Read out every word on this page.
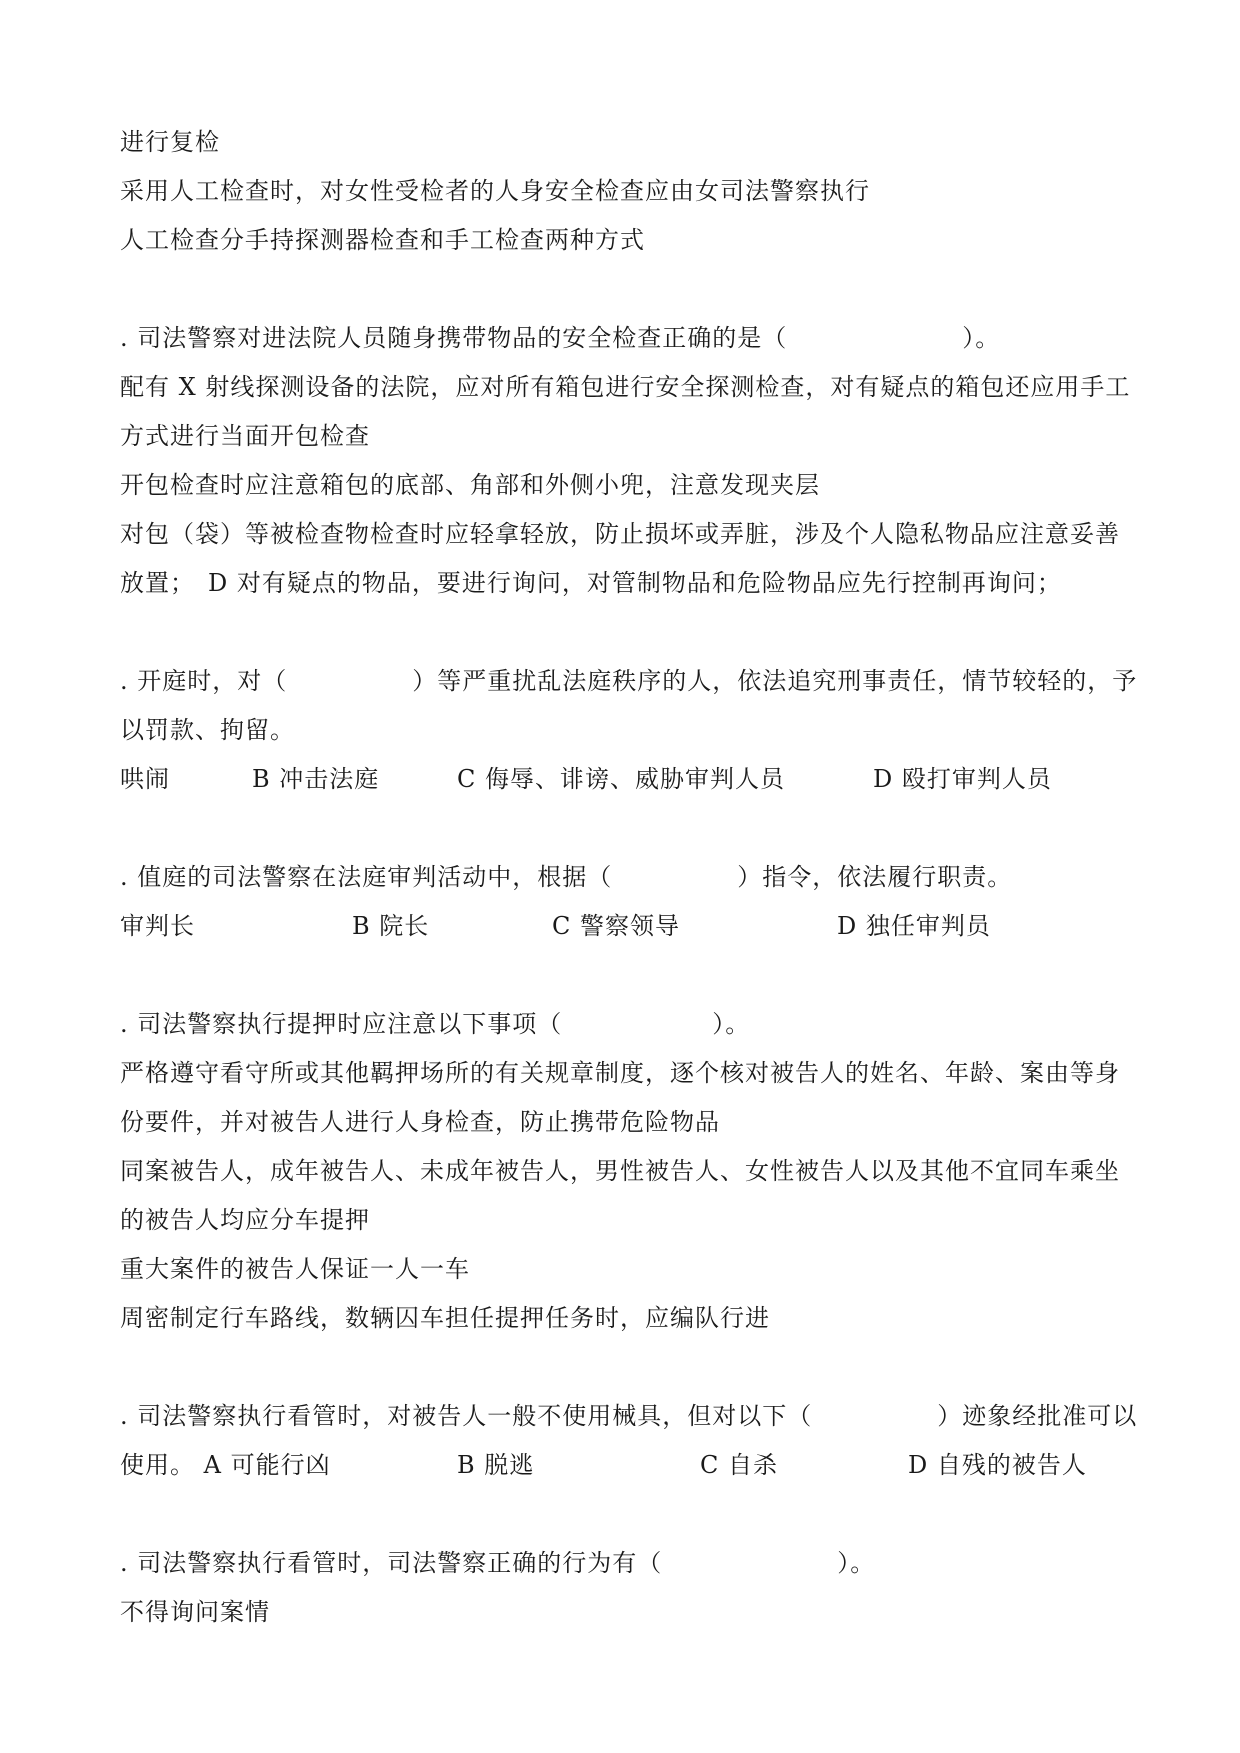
进行复检
采用人工检查时，对女性受检者的人身安全检查应由女司法警察执行
人工检查分手持探测器检查和手工检查两种方式
. 司法警察对进法院人员随身携带物品的安全检查正确的是（　　　　　　　）。
配有 X 射线探测设备的法院，应对所有箱包进行安全探测检查，对有疑点的箱包还应用手工
方式进行当面开包检查
开包检查时应注意箱包的底部、角部和外侧小兜，注意发现夹层
对包（袋）等被检查物检查时应轻拿轻放，防止损坏或弄脏，涉及个人隐私物品应注意妥善
放置；　D 对有疑点的物品，要进行询问，对管制物品和危险物品应先行控制再询问；
. 开庭时，对（　　　　　）等严重扰乱法庭秩序的人，依法追究刑事责任，情节较轻的，予
以罚款、拘留。
哄闹	B 冲击法庭	C 侮辱、诽谤、威胁审判人员	D 殴打审判人员
. 值庭的司法警察在法庭审判活动中，根据（　　　　　）指令，依法履行职责。
审判长	B 院长	C 警察领导	D 独任审判员
. 司法警察执行提押时应注意以下事项（　　　　　　）。
严格遵守看守所或其他羁押场所的有关规章制度，逐个核对被告人的姓名、年龄、案由等身
份要件，并对被告人进行人身检查，防止携带危险物品
同案被告人，成年被告人、未成年被告人，男性被告人、女性被告人以及其他不宜同车乘坐
的被告人均应分车提押
重大案件的被告人保证一人一车
周密制定行车路线，数辆囚车担任提押任务时，应编队行进
. 司法警察执行看管时，对被告人一般不使用械具，但对以下（　　　　　）迹象经批准可以
使用。 A 可能行凶	B 脱逃	C 自杀	D 自残的被告人
. 司法警察执行看管时，司法警察正确的行为有（　　　　　　　）。
不得询问案情
